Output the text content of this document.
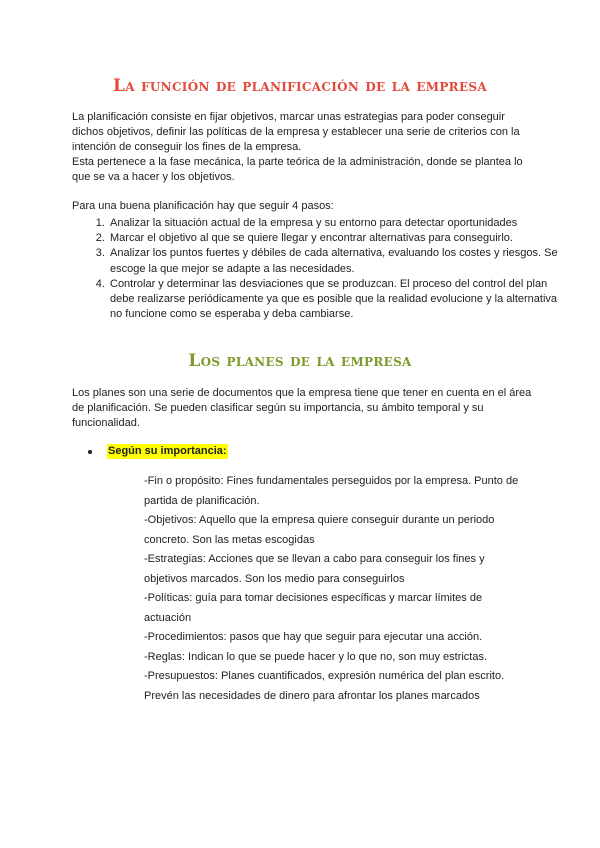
La función de planificación de la empresa

La planificación consiste en fijar objetivos, marcar unas estrategias para poder conseguir dichos objetivos, definir las políticas de la empresa y establecer una serie de criterios con la intención de conseguir los fines de la empresa.

Esta pertenece a la fase mecánica, la parte teórica de la administración, donde se plantea lo que se va a hacer y los objetivos.

Para una buena planificación hay que seguir 4 pasos:

1. Analizar la situación actual de la empresa y su entorno para detectar oportunidades
2. Marcar el objetivo al que se quiere llegar y encontrar alternativas para conseguirlo.
3. Analizar los puntos fuertes y débiles de cada alternativa, evaluando los costes y riesgos. Se escoge la que mejor se adapte a las necesidades.
4. Controlar y determinar las desviaciones que se produzcan. El proceso del control del plan debe realizarse periódicamente ya que es posible que la realidad evolucione y la alternativa no funcione como se esperaba y deba cambiarse.
Los planes de la empresa

Los planes son una serie de documentos que la empresa tiene que tener en cuenta en el área de planificación. Se pueden clasificar según su importancia, su ámbito temporal y su funcionalidad.

Según su importancia:
-Fin o propósito: Fines fundamentales perseguidos por la empresa. Punto de partida de planificación.
-Objetivos: Aquello que la empresa quiere conseguir durante un periodo concreto. Son las metas escogidas
-Estrategias: Acciones que se llevan a cabo para conseguir los fines y objetivos marcados. Son los medio para conseguirlos
-Políticas: guía para tomar decisiones específicas y marcar límites de actuación
-Procedimientos: pasos que hay que seguir para ejecutar una acción.
-Reglas: Indican lo que se puede hacer y lo que no, son muy estrictas.
-Presupuestos: Planes cuantificados, expresión numérica del plan escrito. Prevén las necesidades de dinero para afrontar los planes marcados
